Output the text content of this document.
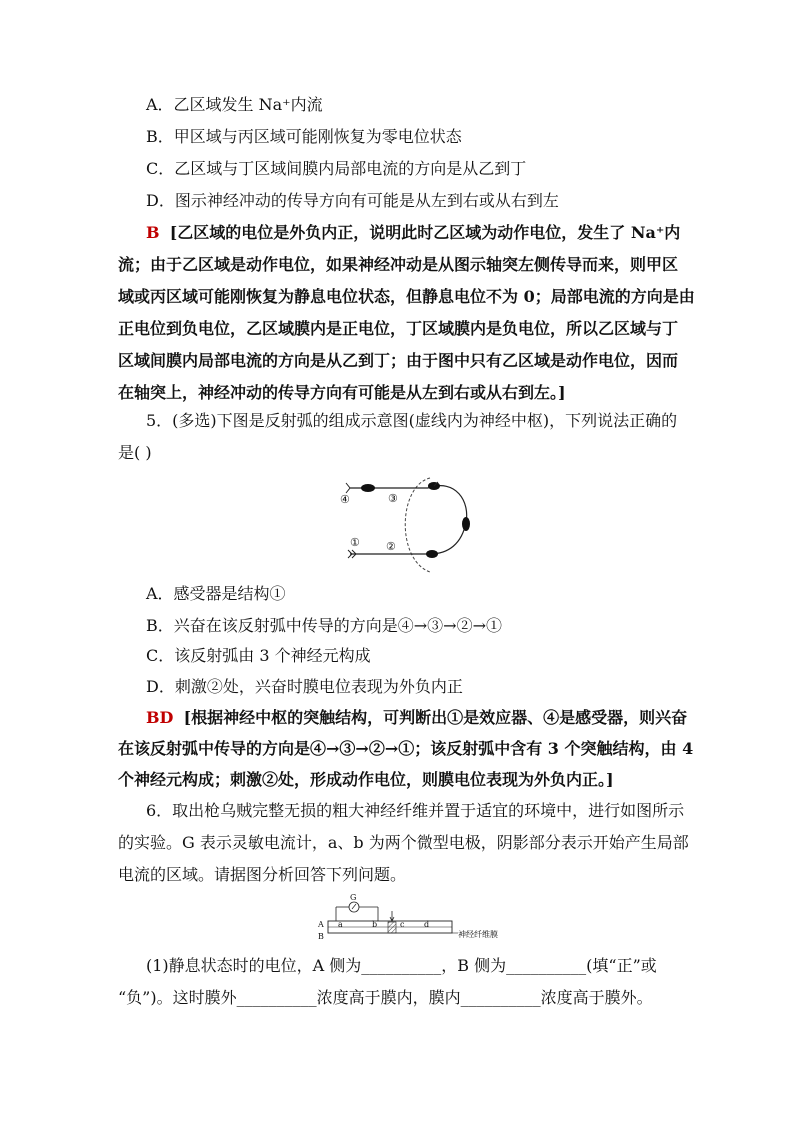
A．乙区域发生 Na⁺内流
B．甲区域与丙区域可能刚恢复为零电位状态
C．乙区域与丁区域间膜内局部电流的方向是从乙到丁
D．图示神经冲动的传导方向有可能是从左到右或从右到左
B [乙区域的电位是外负内正，说明此时乙区域为动作电位，发生了 Na⁺内
流；由于乙区域是动作电位，如果神经冲动是从图示轴突左侧传导而来，则甲区
域或丙区域可能刚恢复为静息电位状态，但静息电位不为 0；局部电流的方向是由
正电位到负电位，乙区域膜内是正电位，丁区域膜内是负电位，所以乙区域与丁
区域间膜内局部电流的方向是从乙到丁；由于图中只有乙区域是动作电位，因而
在轴突上，神经冲动的传导方向有可能是从左到右或从右到左。]
5．(多选)下图是反射弧的组成示意图(虚线内为神经中枢)，下列说法正确的
是( )
④	③
① ②
A．感受器是结构①
B．兴奋在该反射弧中传导的方向是④→③→②→①
C．该反射弧由 3 个神经元构成
D．刺激②处，兴奋时膜电位表现为外负内正
BD [根据神经中枢的突触结构，可判断出①是效应器、④是感受器，则兴奋
在该反射弧中传导的方向是④→③→②→①；该反射弧中含有 3 个突触结构，由 4
个神经元构成；刺激②处，形成动作电位，则膜电位表现为外负内正。]
6．取出枪乌贼完整无损的粗大神经纤维并置于适宜的环境中，进行如图所示
的实验。G 表示灵敏电流计，a、b 为两个微型电极，阴影部分表示开始产生局部
电流的区域。请据图分析回答下列问题。
G
A
B
a	b	c d
神经纤维膜
(1)静息状态时的电位，A 侧为__________，B 侧为__________(填“正”或
“负”)。这时膜外__________浓度高于膜内，膜内__________浓度高于膜外。
